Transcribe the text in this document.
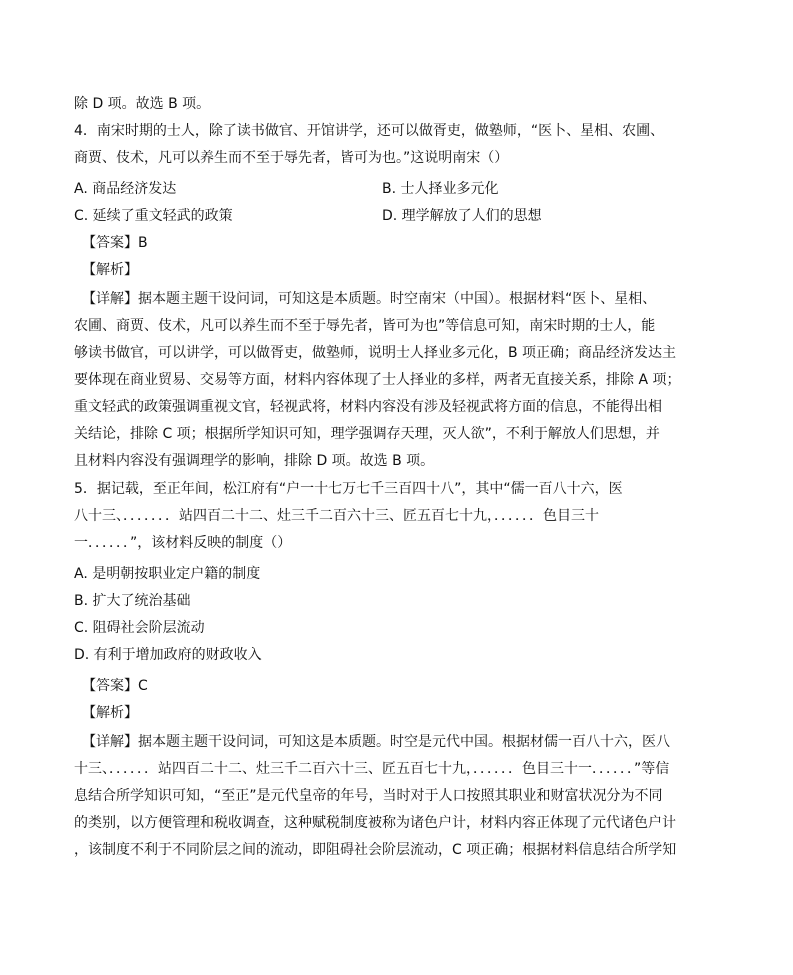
除 D 项。故选 B 项。
4．南宋时期的士人，除了读书做官、开馆讲学，还可以做胥吏，做塾师，“医卜、星相、农圃、
商贾、伎术，凡可以养生而不至于辱先者，皆可为也。”这说明南宋（）
A. 商品经济发达	B. 士人择业多元化
C. 延续了重文轻武的政策	D. 理学解放了人们的思想
【答案】B
【解析】
【详解】据本题主题干设问词，可知这是本质题。时空南宋（中国）。根据材料“医卜、星相、
农圃、商贾、伎术，凡可以养生而不至于辱先者，皆可为也”等信息可知，南宋时期的士人，能
够读书做官，可以讲学，可以做胥吏，做塾师，说明士人择业多元化，B 项正确；商品经济发达主
要体现在商业贸易、交易等方面，材料内容体现了士人择业的多样，两者无直接关系，排除 A 项；
重文轻武的政策强调重视文官，轻视武将，材料内容没有涉及轻视武将方面的信息，不能得出相
关结论，排除 C 项；根据所学知识可知，理学强调存天理，灭人欲”，不利于解放人们思想，并
且材料内容没有强调理学的影响，排除 D 项。故选 B 项。
5．据记载，至正年间，松江府有“户一十七万七千三百四十八”，其中“儒一百八十六，医
八十三、．．．．．．．站四百二十二、灶三千二百六十三、匠五百七十九，．．．．．．色目三十
一．．．．．．”，该材料反映的制度（）
A. 是明朝按职业定户籍的制度
B. 扩大了统治基础
C. 阻碍社会阶层流动
D. 有利于增加政府的财政收入
【答案】C
【解析】
【详解】据本题主题干设问词，可知这是本质题。时空是元代中国。根据材儒一百八十六，医八
十三、．．．．．．站四百二十二、灶三千二百六十三、匠五百七十九，．．．．．．色目三十一．．．．．．”等信
息结合所学知识可知，“至正”是元代皇帝的年号，当时对于人口按照其职业和财富状况分为不同
的类别，以方便管理和税收调查，这种赋税制度被称为诸色户计，材料内容正体现了元代诸色户计
，该制度不利于不同阶层之间的流动，即阻碍社会阶层流动，C 项正确；根据材料信息结合所学知
